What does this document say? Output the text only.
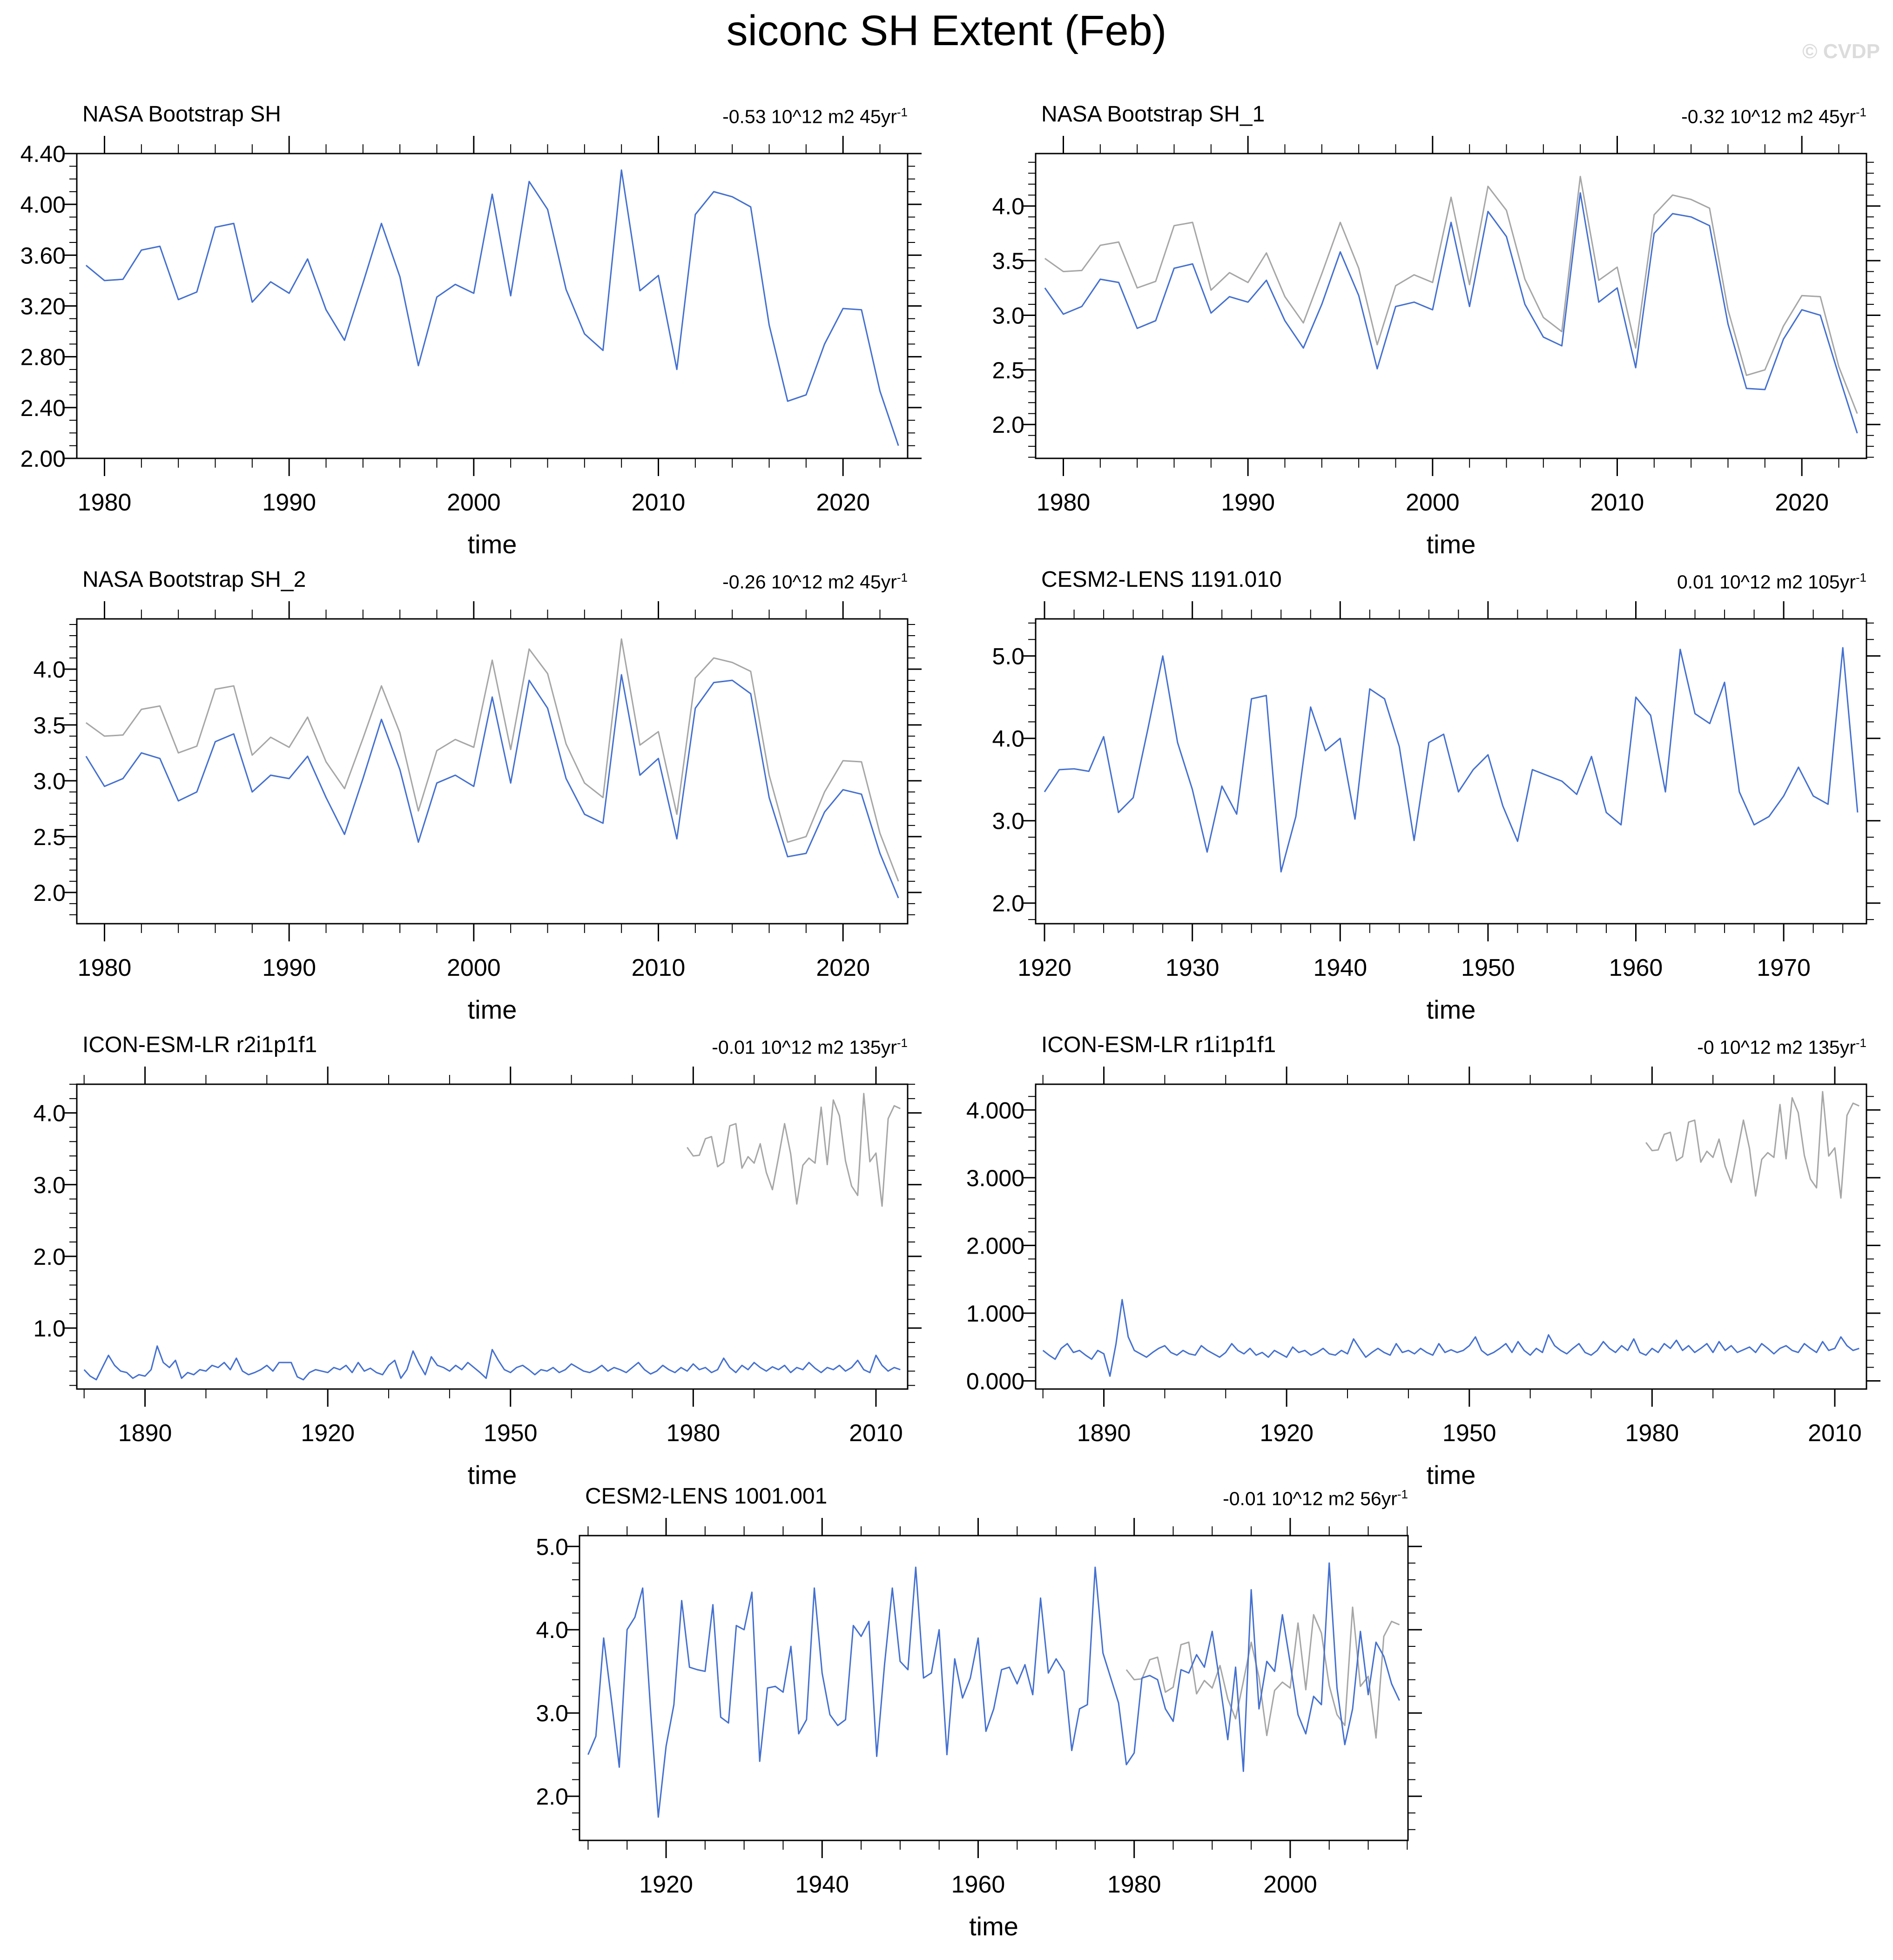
siconc SH Extent (Feb)	© CVDP
NASA Bootstrap SH	-0.53 10^12 m2 $45yr^{-1}$
1980	1990	2000	2010	2020
2.00
2.40
2.80
3.20
3.60
4.00
4.40
time
NASA Bootstrap SH_1	-0.32 10^12 m2 $45yr^{-1}$
1980	1990	2000	2010	2020
2.0
2.5
3.0
3.5
4.0
time
NASA Bootstrap SH_2	-0.26 10^12 m2 $45yr^{-1}$
1980	1990	2000	2010	2020
2.0
2.5
3.0
3.5
4.0
time
CESM2-LENS 1191.010	0.01 10^12 m2 $105yr^{-1}$
1920	1930	1940	1950	1960	1970
2.0
3.0
4.0
5.0
time
ICON-ESM-LR r2i1p1f1	-0.01 10^12 m2 $135yr^{-1}$
1890	1920	1950	1980	2010
1.0
2.0
3.0
4.0
time
ICON-ESM-LR r1i1p1f1	-0 10^12 m2 $135yr^{-1}$
1890	1920	1950	1980	2010
0.000
1.000
2.000
3.000
4.000
time
CESM2-LENS 1001.001	-0.01 10^12 m2 $56yr^{-1}$
1920	1940	1960	1980	2000
2.0
3.0
4.0
5.0
time
